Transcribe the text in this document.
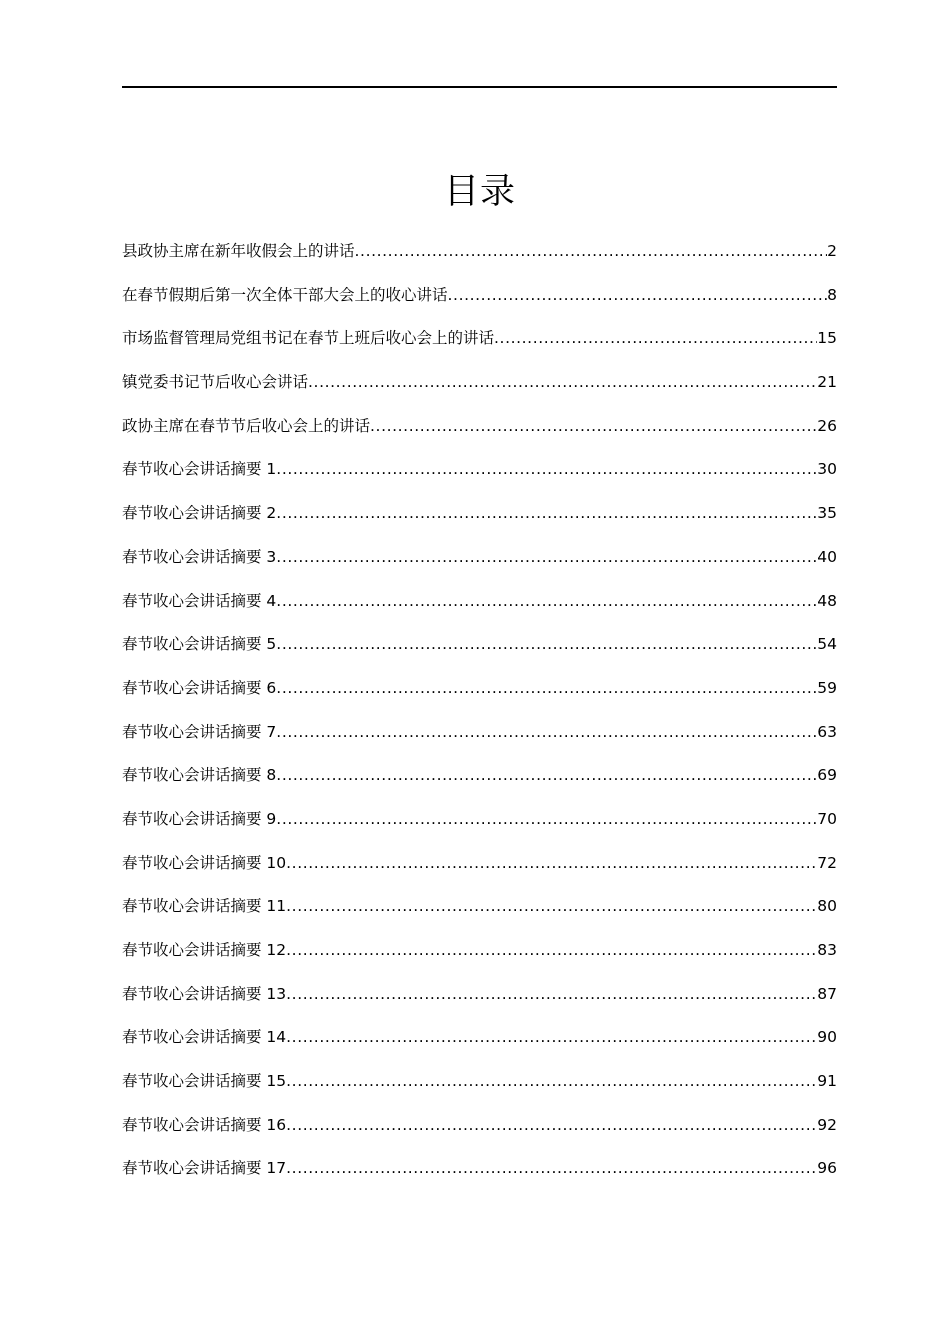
目录
县政协主席在新年收假会上的讲话 .....	2
在春节假期后第一次全体干部大会上的收心讲话 .....	8
市场监督管理局党组书记在春节上班后收心会上的讲话 .....	15
镇党委书记节后收心会讲话 .....	21
政协主席在春节节后收心会上的讲话 .....	26
春节收心会讲话摘要 1 .....	30
春节收心会讲话摘要 2 .....	35
春节收心会讲话摘要 3 .....	40
春节收心会讲话摘要 4 .....	48
春节收心会讲话摘要 5 .....	54
春节收心会讲话摘要 6 .....	59
春节收心会讲话摘要 7 .....	63
春节收心会讲话摘要 8 .....	69
春节收心会讲话摘要 9 .....	70
春节收心会讲话摘要 10 .....	72
春节收心会讲话摘要 11 .....	80
春节收心会讲话摘要 12 .....	83
春节收心会讲话摘要 13 .....	87
春节收心会讲话摘要 14 .....	90
春节收心会讲话摘要 15 .....	91
春节收心会讲话摘要 16 .....	92
春节收心会讲话摘要 17 .....	96
